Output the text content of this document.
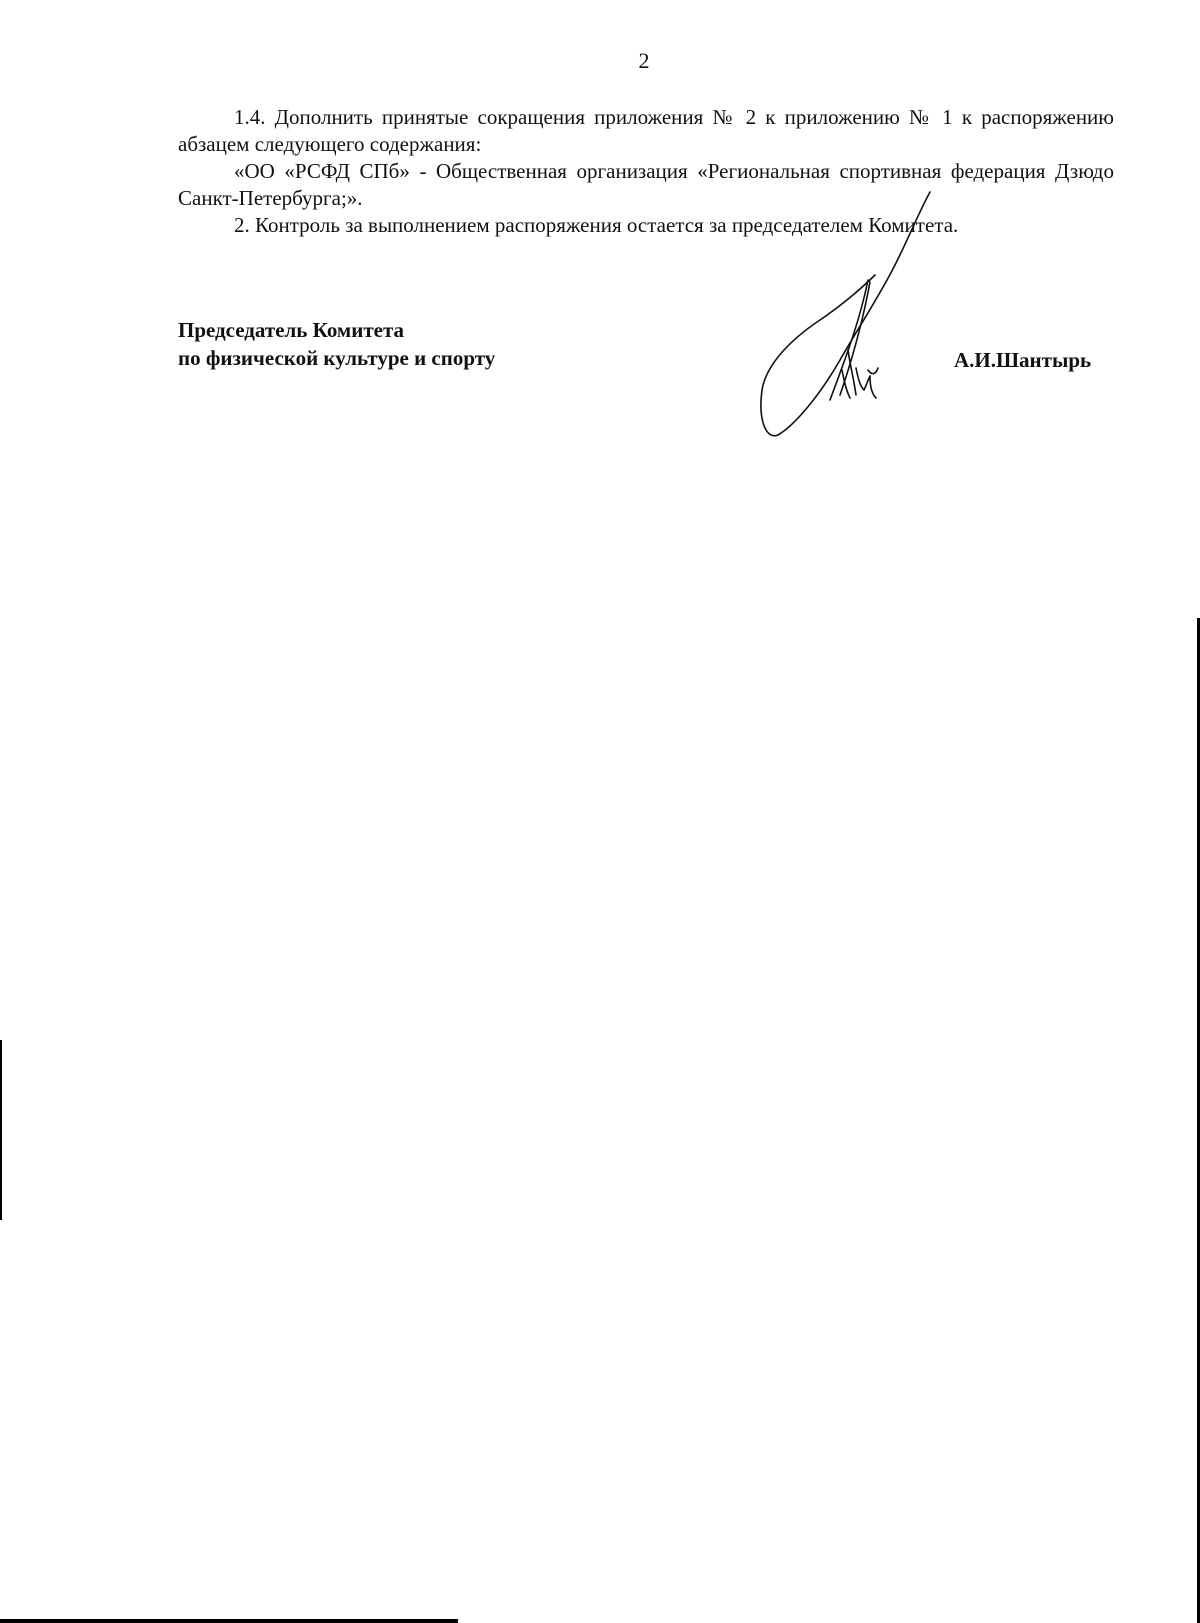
2

1.4. Дополнить принятые сокращения приложения № 2 к приложению № 1 к распоряжению абзацем следующего содержания:

«ОО «РСФД СПб» - Общественная организация «Региональная спортивная федерация Дзюдо Санкт-Петербурга;».

2. Контроль за выполнением распоряжения остается за председателем Комитета.

Председатель Комитета
по физической культуре и спорту	А.И.Шантырь
